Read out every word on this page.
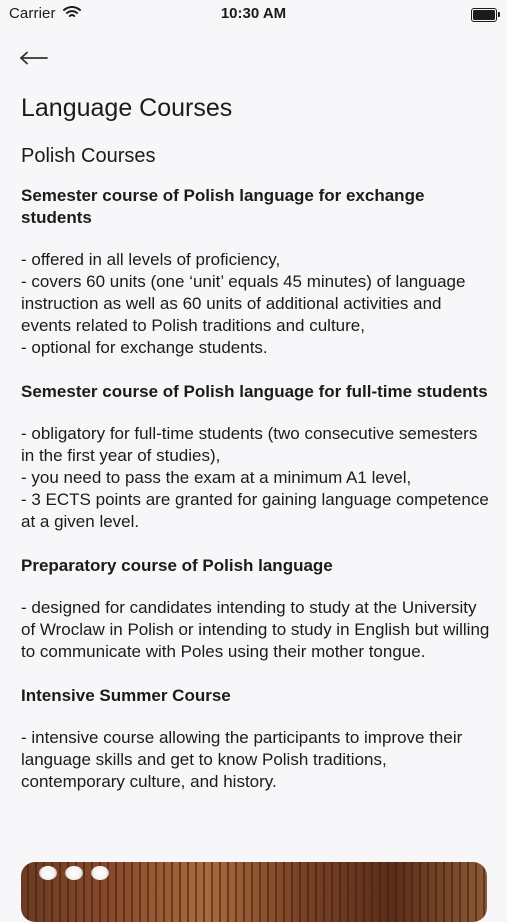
Carrier	10:30 AM
Language Courses
Polish Courses
Semester course of Polish language for exchange students
- offered in all levels of proficiency,
- covers 60 units (one ‘unit’ equals 45 minutes) of language instruction as well as 60 units of additional activities and events related to Polish traditions and culture,
- optional for exchange students.
Semester course of Polish language for full-time students
- obligatory for full-time students (two consecutive semesters in the first year of studies),
- you need to pass the exam at a minimum A1 level,
- 3 ECTS points are granted for gaining language competence at a given level.
Preparatory course of Polish language
- designed for candidates intending to study at the University of Wroclaw in Polish or intending to study in English but willing to communicate with Poles using their mother tongue.
Intensive Summer Course
- intensive course allowing the participants to improve their language skills and get to know Polish traditions, contemporary culture, and history.
